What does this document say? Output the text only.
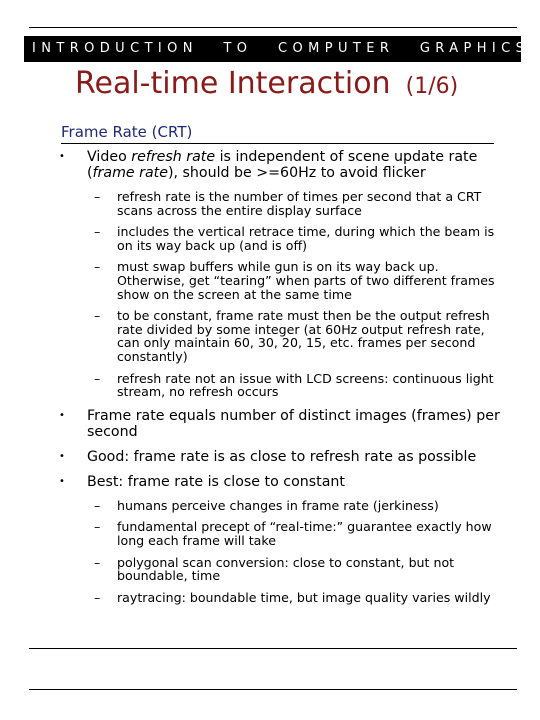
INTRODUCTION TO COMPUTER GRAPHICS
Real-time Interaction (1/6)
Frame Rate (CRT)
• Video refresh rate is independent of scene update rate (frame rate), should be >=60Hz to avoid flicker
– refresh rate is the number of times per second that a CRT scans across the entire display surface
– includes the vertical retrace time, during which the beam is on its way back up (and is off)
– must swap buffers while gun is on its way back up. Otherwise, get “tearing” when parts of two different frames show on the screen at the same time
– to be constant, frame rate must then be the output refresh rate divided by some integer (at 60Hz output refresh rate, can only maintain 60, 30, 20, 15, etc. frames per second constantly)
– refresh rate not an issue with LCD screens: continuous light stream, no refresh occurs
• Frame rate equals number of distinct images (frames) per second
• Good: frame rate is as close to refresh rate as possible
• Best: frame rate is close to constant
– humans perceive changes in frame rate (jerkiness)
– fundamental precept of “real-time:” guarantee exactly how long each frame will take
– polygonal scan conversion: close to constant, but not boundable, time
– raytracing: boundable time, but image quality varies wildly
